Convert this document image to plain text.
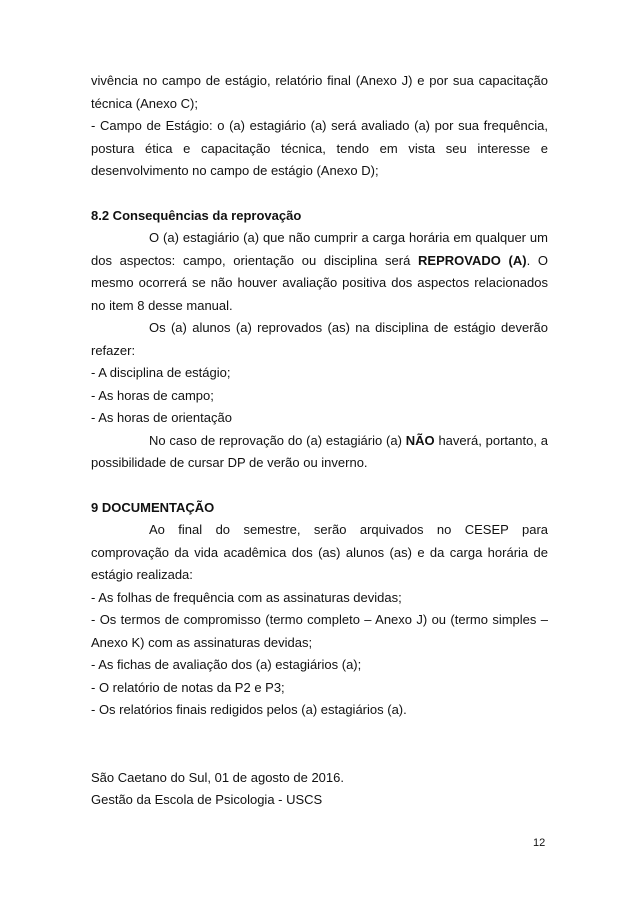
vivência no campo de estágio, relatório final (Anexo J) e por sua capacitação

técnica (Anexo C);

- Campo de Estágio: o (a) estagiário (a) será avaliado (a) por sua frequência,

postura ética e capacitação técnica, tendo em vista seu interesse e

desenvolvimento no campo de estágio (Anexo D);

8.2 Consequências da reprovação

O (a) estagiário (a) que não cumprir a carga horária em qualquer um

dos aspectos: campo, orientação ou disciplina será REPROVADO (A). O

mesmo ocorrerá se não houver avaliação positiva dos aspectos relacionados

no item 8 desse manual.

Os (a) alunos (a) reprovados (as) na disciplina de estágio deverão

refazer:

- A disciplina de estágio;

- As horas de campo;

- As horas de orientação

No caso de reprovação do (a) estagiário (a) NÃO haverá, portanto, a

possibilidade de cursar DP de verão ou inverno.

9 DOCUMENTAÇÃO

Ao final do semestre, serão arquivados no CESEP para

comprovação da vida acadêmica dos (as) alunos (as) e da carga horária de

estágio realizada:

- As folhas de frequência com as assinaturas devidas;

- Os termos de compromisso (termo completo – Anexo J) ou (termo simples –

Anexo K) com as assinaturas devidas;

- As fichas de avaliação dos (a) estagiários (a);

- O relatório de notas da P2 e P3;

- Os relatórios finais redigidos pelos (a) estagiários (a).

São Caetano do Sul, 01 de agosto de 2016.

Gestão da Escola de Psicologia - USCS

12
